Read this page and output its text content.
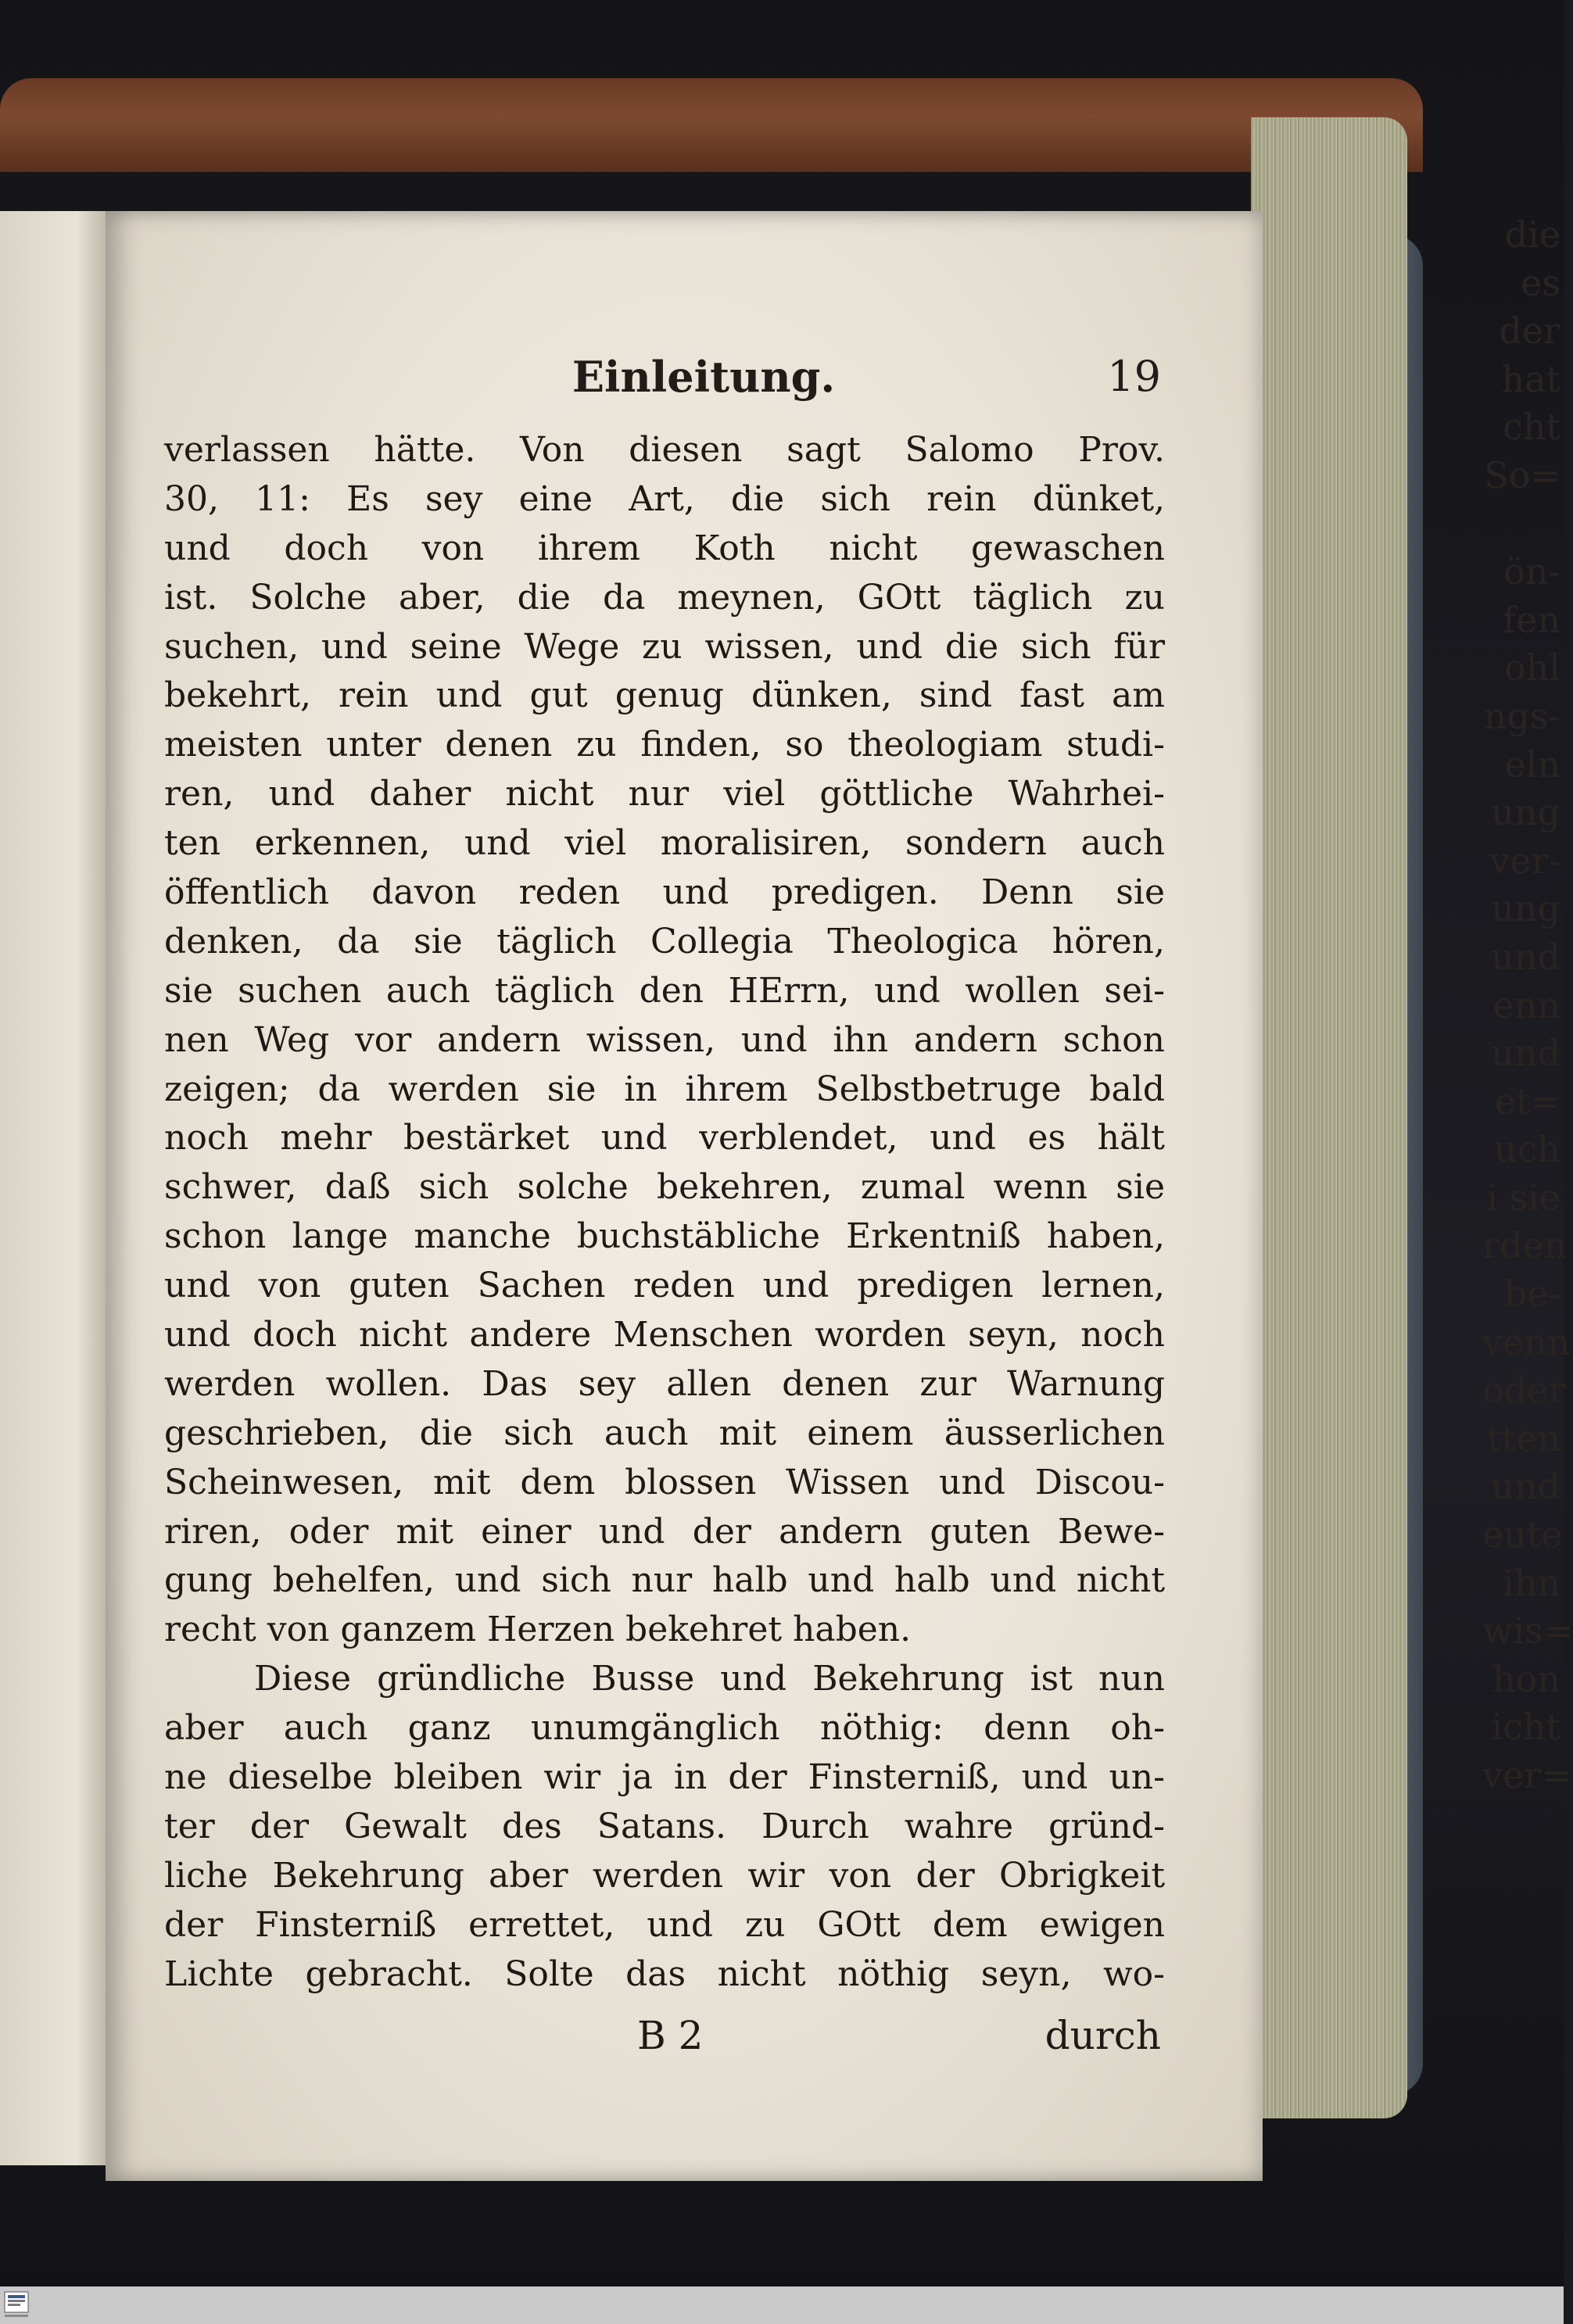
die
es
der
hat
cht
So=
ön-
fen
ohl
ngs-
eln
ung
ver-
ung
und
enn
und
et=
uch
i sie
rden
be-
venn
oder
tten
und
eute
ihn
wis=
hon
icht
ver=
Einleitung.	19
verlassen hätte. Von diesen sagt Salomo Prov.
30, 11: Es sey eine Art, die sich rein dünket,
und doch von ihrem Koth nicht gewaschen
ist. Solche aber, die da meynen, GOtt täglich zu
suchen, und seine Wege zu wissen, und die sich für
bekehrt, rein und gut genug dünken, sind fast am
meisten unter denen zu finden, so theologiam studi-
ren, und daher nicht nur viel göttliche Wahrhei-
ten erkennen, und viel moralisiren, sondern auch
öffentlich davon reden und predigen. Denn sie
denken, da sie täglich Collegia Theologica hören,
sie suchen auch täglich den HErrn, und wollen sei-
nen Weg vor andern wissen, und ihn andern schon
zeigen; da werden sie in ihrem Selbstbetruge bald
noch mehr bestärket und verblendet, und es hält
schwer, daß sich solche bekehren, zumal wenn sie
schon lange manche buchstäbliche Erkentniß haben,
und von guten Sachen reden und predigen lernen,
und doch nicht andere Menschen worden seyn, noch
werden wollen. Das sey allen denen zur Warnung
geschrieben, die sich auch mit einem äusserlichen
Scheinwesen, mit dem blossen Wissen und Discou-
riren, oder mit einer und der andern guten Bewe-
gung behelfen, und sich nur halb und halb und nicht
recht von ganzem Herzen bekehret haben.
Diese gründliche Busse und Bekehrung ist nun
aber auch ganz unumgänglich nöthig: denn oh-
ne dieselbe bleiben wir ja in der Finsterniß, und un-
ter der Gewalt des Satans. Durch wahre gründ-
liche Bekehrung aber werden wir von der Obrigkeit
der Finsterniß errettet, und zu GOtt dem ewigen
Lichte gebracht. Solte das nicht nöthig seyn, wo-
B 2	durch
